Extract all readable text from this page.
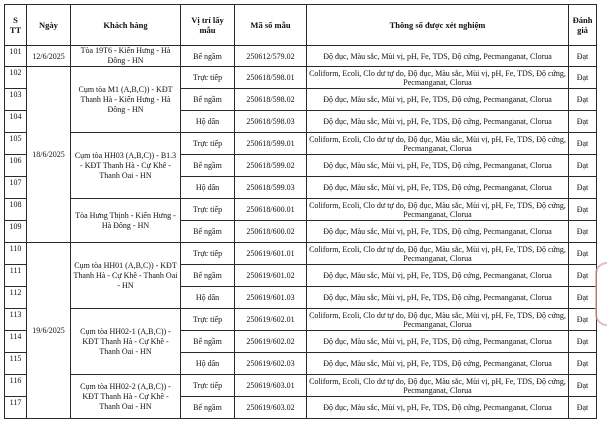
S TT	Ngày	Khách hàng	Vị trí lấy mẫu	Mã số mẫu	Thông số được xét nghiệm	Đánh giá
101	12/6/2025	Tòa 19T6 - Kiến Hưng - Hà Đông - HN	Bể ngầm	250612/579.02	Độ đục, Màu sắc, Mùi vị, pH, Fe, TDS, Độ cứng, Pecmanganat, Clorua	Đạt
102	18/6/2025	Cụm tòa M1 (A,B,C)) - KĐT Thanh Hà - Kiến Hưng - Hà Đông - HN	Trực tiếp	250618/598.01	Coliform, Ecoli, Clo dư tự do, Độ đục, Màu sắc, Mùi vị, pH, Fe, TDS, Độ cứng, Pecmanganat, Clorua	Đạt
103			Bể ngầm	250618/598.02	Độ đục, Màu sắc, Mùi vị, pH, Fe, TDS, Độ cứng, Pecmanganat, Clorua	Đạt
104			Hộ dân	250618/598.03	Độ đục, Màu sắc, Mùi vị, pH, Fe, TDS, Độ cứng, Pecmanganat, Clorua	Đạt
105		Cụm tòa HH03 (A,B,C)) - B1.3 - KĐT Thanh Hà - Cự Khê - Thanh Oai - HN	Trực tiếp	250618/599.01	Coliform, Ecoli, Clo dư tự do, Độ đục, Màu sắc, Mùi vị, pH, Fe, TDS, Độ cứng, Pecmanganat, Clorua	Đạt
106			Bể ngầm	250618/599.02	Độ đục, Màu sắc, Mùi vị, pH, Fe, TDS, Độ cứng, Pecmanganat, Clorua	Đạt
107			Hộ dân	250618/599.03	Độ đục, Màu sắc, Mùi vị, pH, Fe, TDS, Độ cứng, Pecmanganat, Clorua	Đạt
108		Tòa Hưng Thịnh - Kiến Hưng - Hà Đông - HN	Trực tiếp	250618/600.01	Coliform, Ecoli, Clo dư tự do, Độ đục, Màu sắc, Mùi vị, pH, Fe, TDS, Độ cứng, Pecmanganat, Clorua	Đạt
109			Bể ngầm	250618/600.02	Độ đục, Màu sắc, Mùi vị, pH, Fe, TDS, Độ cứng, Pecmanganat, Clorua	Đạt
110	19/6/2025	Cụm tòa HH01 (A,B,C)) - KĐT Thanh Hà - Cự Khê - Thanh Oai - HN	Trực tiếp	250619/601.01	Coliform, Ecoli, Clo dư tự do, Độ đục, Màu sắc, Mùi vị, pH, Fe, TDS, Độ cứng, Pecmanganat, Clorua	Đạt
111			Bể ngầm	250619/601.02	Độ đục, Màu sắc, Mùi vị, pH, Fe, TDS, Độ cứng, Pecmanganat, Clorua	Đạt
112			Hộ dân	250619/601.03	Độ đục, Màu sắc, Mùi vị, pH, Fe, TDS, Độ cứng, Pecmanganat, Clorua	Đạt
113		Cụm tòa HH02-1 (A,B,C)) - KĐT Thanh Hà - Cự Khê - Thanh Oai - HN	Trực tiếp	250619/602.01	Coliform, Ecoli, Clo dư tự do, Độ đục, Màu sắc, Mùi vị, pH, Fe, TDS, Độ cứng, Pecmanganat, Clorua	Đạt
114			Bể ngầm	250619/602.02	Độ đục, Màu sắc, Mùi vị, pH, Fe, TDS, Độ cứng, Pecmanganat, Clorua	Đạt
115			Hộ dân	250619/602.03	Độ đục, Màu sắc, Mùi vị, pH, Fe, TDS, Độ cứng, Pecmanganat, Clorua	Đạt
116		Cụm tòa HH02-2 (A,B,C)) - KĐT Thanh Hà - Cự Khê - Thanh Oai - HN	Trực tiếp	250619/603.01	Coliform, Ecoli, Clo dư tự do, Độ đục, Màu sắc, Mùi vị, pH, Fe, TDS, Độ cứng, Pecmanganat, Clorua	Đạt
117			Bể ngầm	250619/603.02	Độ đục, Màu sắc, Mùi vị, pH, Fe, TDS, Độ cứng, Pecmanganat, Clorua	Đạt
